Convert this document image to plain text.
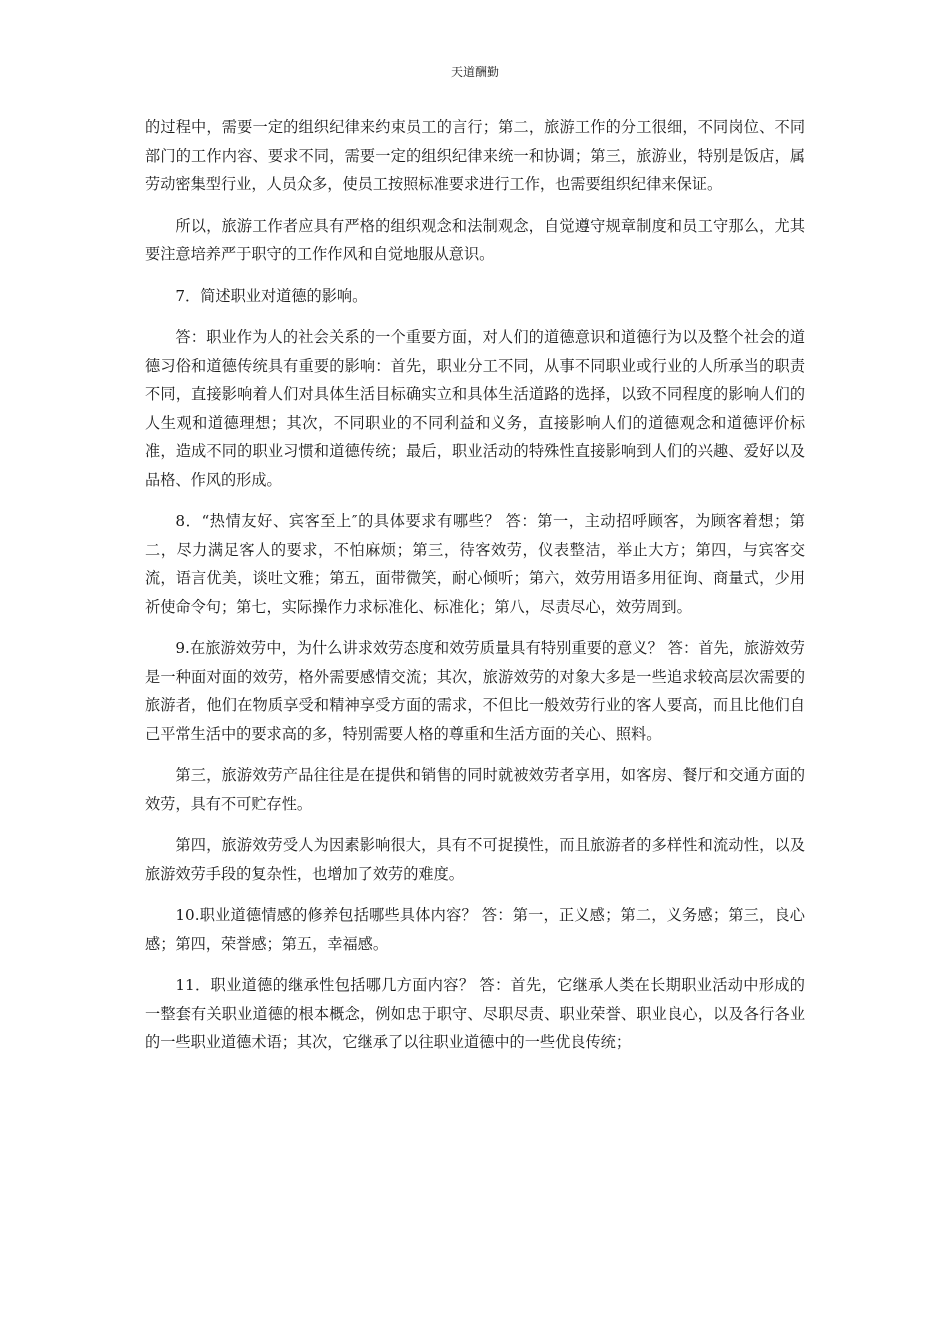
天道酬勤

的过程中，需要一定的组织纪律来约束员工的言行；第二，旅游工作的分工很细，不同岗位、不同部门的工作内容、要求不同，需要一定的组织纪律来统一和协调；第三，旅游业，特别是饭店，属劳动密集型行业，人员众多，使员工按照标准要求进行工作，也需要组织纪律来保证。

所以，旅游工作者应具有严格的组织观念和法制观念，自觉遵守规章制度和员工守那么，尤其要注意培养严于职守的工作作风和自觉地服从意识。

7．简述职业对道德的影响。

答：职业作为人的社会关系的一个重要方面，对人们的道德意识和道德行为以及整个社会的道德习俗和道德传统具有重要的影响：首先，职业分工不同，从事不同职业或行业的人所承当的职责不同，直接影响着人们对具体生活目标确实立和具体生活道路的选择，以致不同程度的影响人们的人生观和道德理想；其次，不同职业的不同利益和义务，直接影响人们的道德观念和道德评价标准，造成不同的职业习惯和道德传统；最后，职业活动的特殊性直接影响到人们的兴趣、爱好以及品格、作风的形成。

8．“热情友好、宾客至上″的具体要求有哪些？ 答：第一，主动招呼顾客，为顾客着想；第二，尽力满足客人的要求，不怕麻烦；第三，待客效劳，仪表整洁，举止大方；第四，与宾客交流，语言优美，谈吐文雅；第五，面带微笑，耐心倾听；第六，效劳用语多用征询、商量式，少用祈使命令句；第七，实际操作力求标准化、标准化；第八，尽责尽心，效劳周到。

9.在旅游效劳中，为什么讲求效劳态度和效劳质量具有特别重要的意义？ 答：首先，旅游效劳是一种面对面的效劳，格外需要感情交流；其次，旅游效劳的对象大多是一些追求较高层次需要的旅游者，他们在物质享受和精神享受方面的需求，不但比一般效劳行业的客人要高，而且比他们自己平常生活中的要求高的多，特别需要人格的尊重和生活方面的关心、照料。

第三，旅游效劳产品往往是在提供和销售的同时就被效劳者享用，如客房、餐厅和交通方面的效劳，具有不可贮存性。

第四，旅游效劳受人为因素影响很大，具有不可捉摸性，而且旅游者的多样性和流动性，以及旅游效劳手段的复杂性，也增加了效劳的难度。

10.职业道德情感的修养包括哪些具体内容？ 答：第一，正义感；第二，义务感；第三，良心感；第四，荣誉感；第五，幸福感。

11．职业道德的继承性包括哪几方面内容？ 答：首先，它继承人类在长期职业活动中形成的一整套有关职业道德的根本概念，例如忠于职守、尽职尽责、职业荣誉、职业良心，以及各行各业的一些职业道德术语；其次，它继承了以往职业道德中的一些优良传统；
